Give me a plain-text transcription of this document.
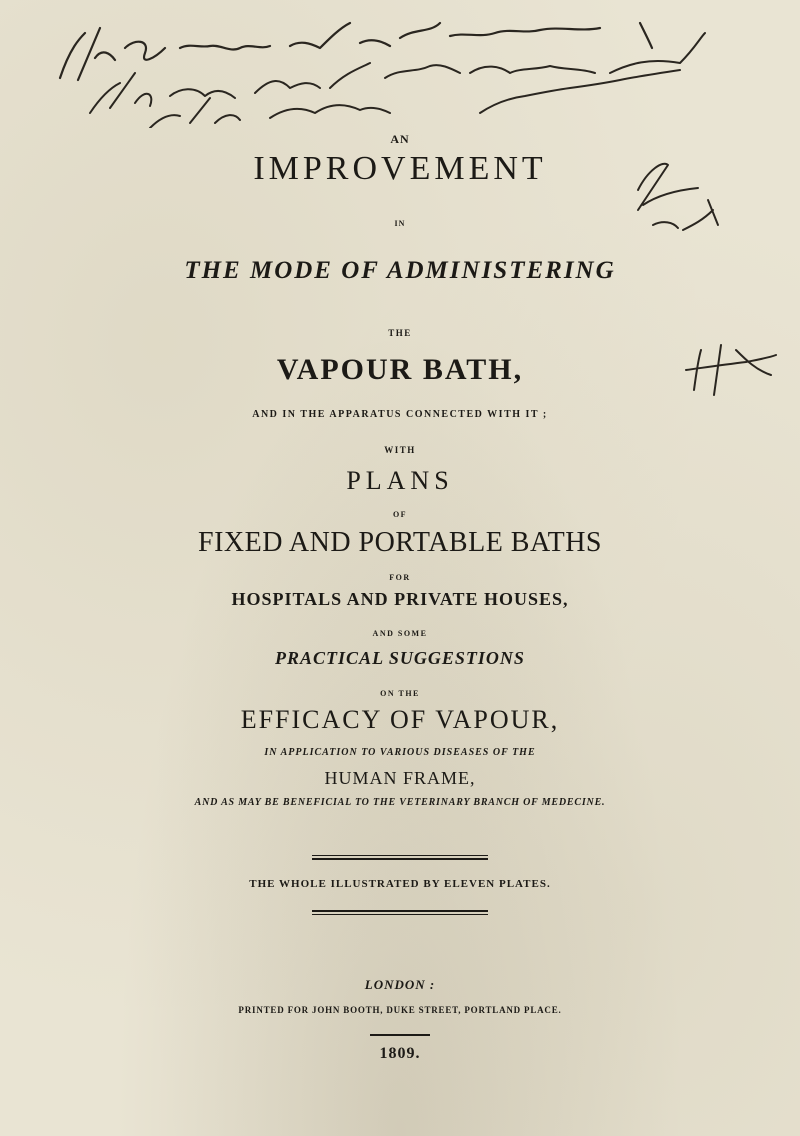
AN
IMPROVEMENT
IN
THE MODE OF ADMINISTERING
THE
VAPOUR BATH,
AND IN THE APPARATUS CONNECTED WITH IT ;
WITH
PLANS
OF
FIXED AND PORTABLE BATHS
FOR
HOSPITALS AND PRIVATE HOUSES,
AND SOME
PRACTICAL SUGGESTIONS
ON THE
EFFICACY OF VAPOUR,
IN APPLICATION TO VARIOUS DISEASES OF THE
HUMAN FRAME,
AND AS MAY BE BENEFICIAL TO THE VETERINARY BRANCH OF MEDECINE.
THE WHOLE ILLUSTRATED BY ELEVEN PLATES.
LONDON :
PRINTED FOR JOHN BOOTH, DUKE STREET, PORTLAND PLACE.
1809.
